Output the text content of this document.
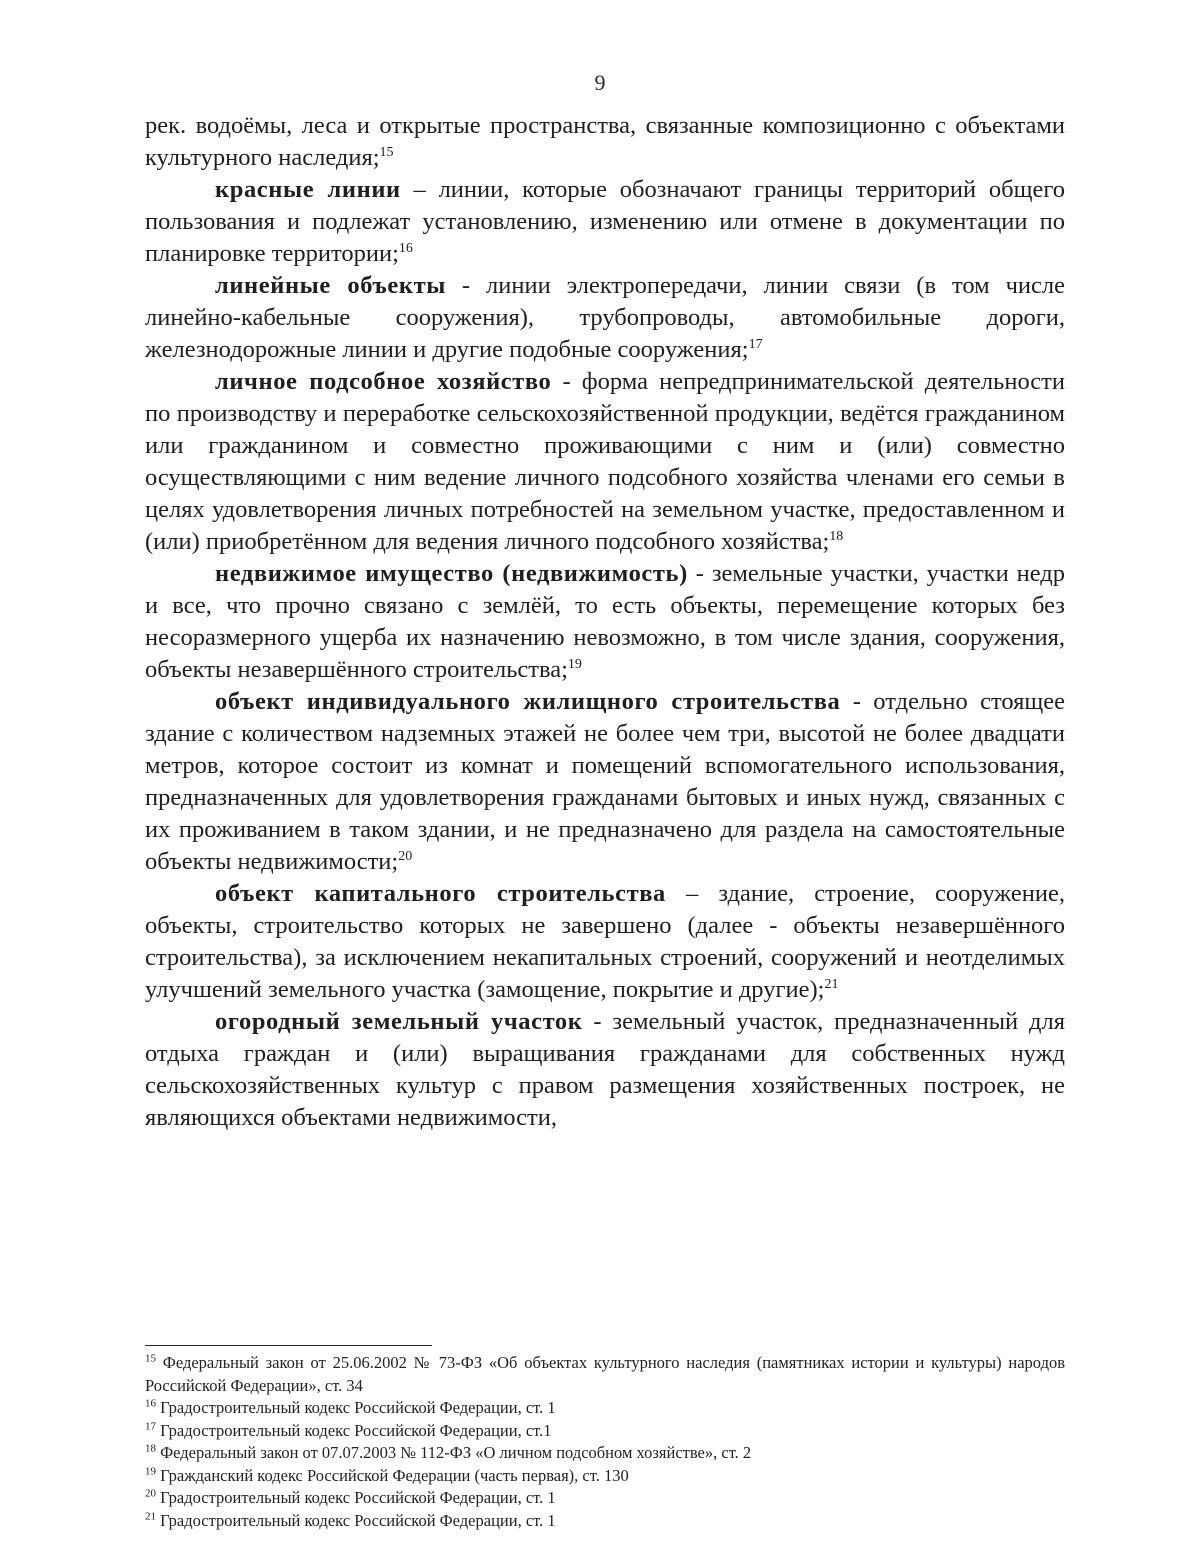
9

рек. водоёмы, леса и открытые пространства, связанные композиционно с объектами культурного наследия;$^{15}$

красные линии – линии, которые обозначают границы территорий общего пользования и подлежат установлению, изменению или отмене в документации по планировке территории;$^{16}$

линейные объекты - линии электропередачи, линии связи (в том числе линейно-кабельные сооружения), трубопроводы, автомобильные дороги, железнодорожные линии и другие подобные сооружения;$^{17}$

личное подсобное хозяйство - форма непредпринимательской деятельности по производству и переработке сельскохозяйственной продукции, ведётся гражданином или гражданином и совместно проживающими с ним и (или) совместно осуществляющими с ним ведение личного подсобного хозяйства членами его семьи в целях удовлетворения личных потребностей на земельном участке, предоставленном и (или) приобретённом для ведения личного подсобного хозяйства;$^{18}$

недвижимое имущество (недвижимость) - земельные участки, участки недр и все, что прочно связано с землёй, то есть объекты, перемещение которых без несоразмерного ущерба их назначению невозможно, в том числе здания, сооружения, объекты незавершённого строительства;$^{19}$

объект индивидуального жилищного строительства - отдельно стоящее здание с количеством надземных этажей не более чем три, высотой не более двадцати метров, которое состоит из комнат и помещений вспомогательного использования, предназначенных для удовлетворения гражданами бытовых и иных нужд, связанных с их проживанием в таком здании, и не предназначено для раздела на самостоятельные объекты недвижимости;$^{20}$

объект капитального строительства – здание, строение, сооружение, объекты, строительство которых не завершено (далее - объекты незавершённого строительства), за исключением некапитальных строений, сооружений и неотделимых улучшений земельного участка (замощение, покрытие и другие);$^{21}$

огородный земельный участок - земельный участок, предназначенный для отдыха граждан и (или) выращивания гражданами для собственных нужд сельскохозяйственных культур с правом размещения хозяйственных построек, не являющихся объектами недвижимости,

$^{15}$ Федеральный закон от 25.06.2002 № 73-ФЗ «Об объектах культурного наследия (памятниках истории и культуры) народов Российской Федерации», ст. 34

$^{16}$ Градостроительный кодекс Российской Федерации, ст. 1

$^{17}$ Градостроительный кодекс Российской Федерации, ст.1

$^{18}$ Федеральный закон от 07.07.2003 № 112-ФЗ «О личном подсобном хозяйстве», ст. 2

$^{19}$ Гражданский кодекс Российской Федерации (часть первая), ст. 130

$^{20}$ Градостроительный кодекс Российской Федерации, ст. 1

$^{21}$ Градостроительный кодекс Российской Федерации, ст. 1
